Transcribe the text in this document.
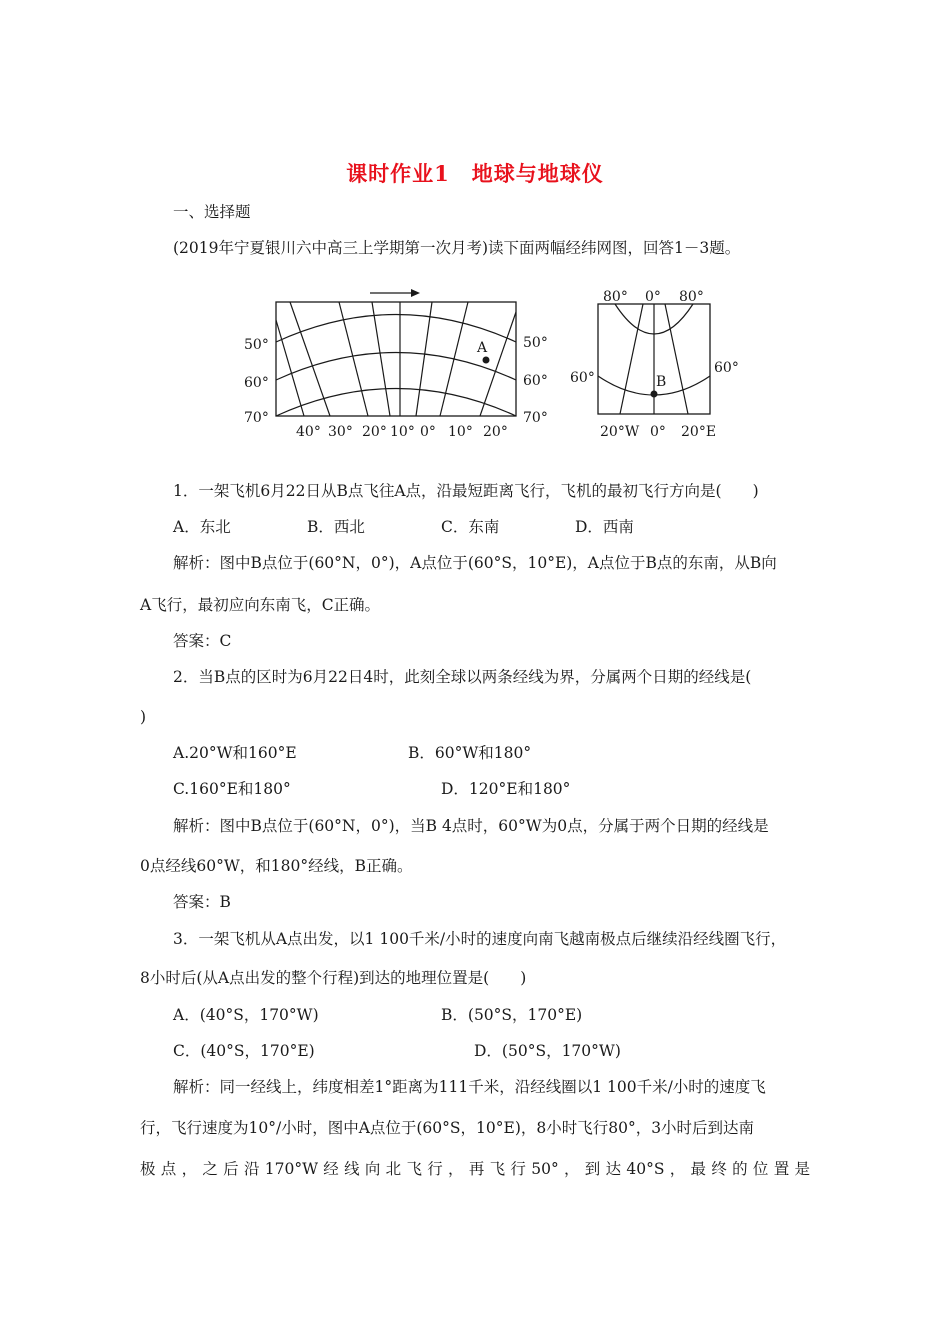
课时作业1　地球与地球仪
一、选择题
(2019年宁夏银川六中高三上学期第一次月考)读下面两幅经纬网图，回答1－3题。
A
50°
60°
70°
50°
60°
70°
40° 30° 20° 10° 0° 10° 20°
B
80° 0° 80°
60°
60°
20°W 0° 20°E
1．一架飞机6月22日从B点飞往A点，沿最短距离飞行，飞机的最初飞行方向是(　　)
A．东北	B．西北	C．东南	D．西南
解析：图中B点位于(60°N，0°)，A点位于(60°S，10°E)，A点位于B点的东南，从B向
A飞行，最初应向东南飞，C正确。
答案：C
2．当B点的区时为6月22日4时，此刻全球以两条经线为界，分属两个日期的经线是(
)
A.20°W和160°E	B．60°W和180°
C.160°E和180°	D．120°E和180°
解析：图中B点位于(60°N，0°)，当B 4点时，60°W为0点，分属于两个日期的经线是
0点经线60°W，和180°经线，B正确。
答案：B
3．一架飞机从A点出发，以1 100千米/小时的速度向南飞越南极点后继续沿经线圈飞行，
8小时后(从A点出发的整个行程)到达的地理位置是(　　)
A．(40°S，170°W)	B．(50°S，170°E)
C．(40°S，170°E)	D．(50°S，170°W)
解析：同一经线上，纬度相差1°距离为111千米，沿经线圈以1 100千米/小时的速度飞
行，飞行速度为10°/小时，图中A点位于(60°S，10°E)，8小时飞行80°，3小时后到达南
极点，之后沿170°W经线向北飞行，再飞行50°，到达40°S，最终的位置是
